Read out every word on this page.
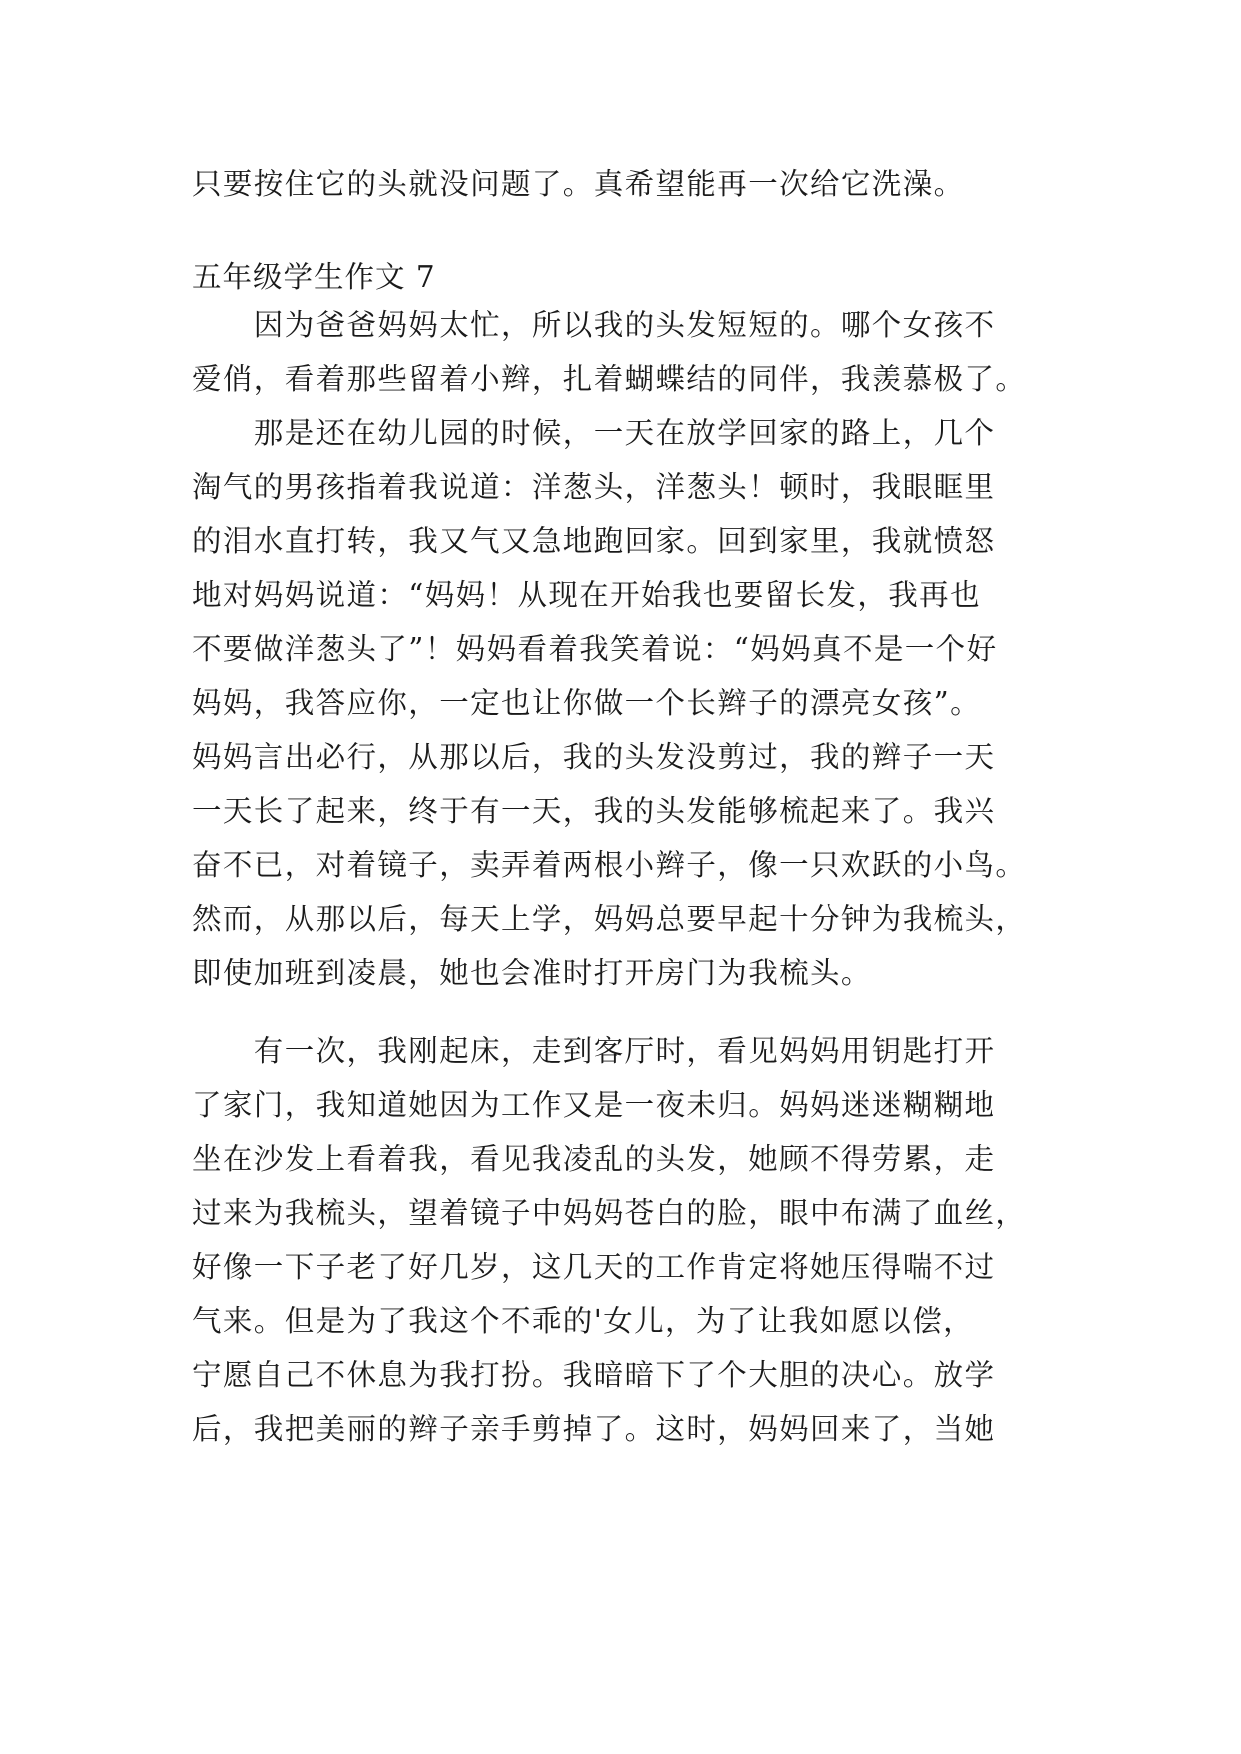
只要按住它的头就没问题了。真希望能再一次给它洗澡。
五年级学生作文 7
　　因为爸爸妈妈太忙，所以我的头发短短的。哪个女孩不
爱俏，看着那些留着小辫，扎着蝴蝶结的同伴，我羡慕极了。
　　那是还在幼儿园的时候，一天在放学回家的路上，几个
淘气的男孩指着我说道：洋葱头，洋葱头！顿时，我眼眶里
的泪水直打转，我又气又急地跑回家。回到家里，我就愤怒
地对妈妈说道：“妈妈！从现在开始我也要留长发，我再也
不要做洋葱头了”！妈妈看着我笑着说：“妈妈真不是一个好
妈妈，我答应你，一定也让你做一个长辫子的漂亮女孩”。
妈妈言出必行，从那以后，我的头发没剪过，我的辫子一天
一天长了起来，终于有一天，我的头发能够梳起来了。我兴
奋不已，对着镜子，卖弄着两根小辫子，像一只欢跃的小鸟。
然而，从那以后，每天上学，妈妈总要早起十分钟为我梳头，
即使加班到凌晨，她也会准时打开房门为我梳头。
　　有一次，我刚起床，走到客厅时，看见妈妈用钥匙打开
了家门，我知道她因为工作又是一夜未归。妈妈迷迷糊糊地
坐在沙发上看着我，看见我凌乱的头发，她顾不得劳累，走
过来为我梳头，望着镜子中妈妈苍白的脸，眼中布满了血丝，
好像一下子老了好几岁，这几天的工作肯定将她压得喘不过
气来。但是为了我这个不乖的'女儿，为了让我如愿以偿，
宁愿自己不休息为我打扮。我暗暗下了个大胆的决心。放学
后，我把美丽的辫子亲手剪掉了。这时，妈妈回来了，当她
